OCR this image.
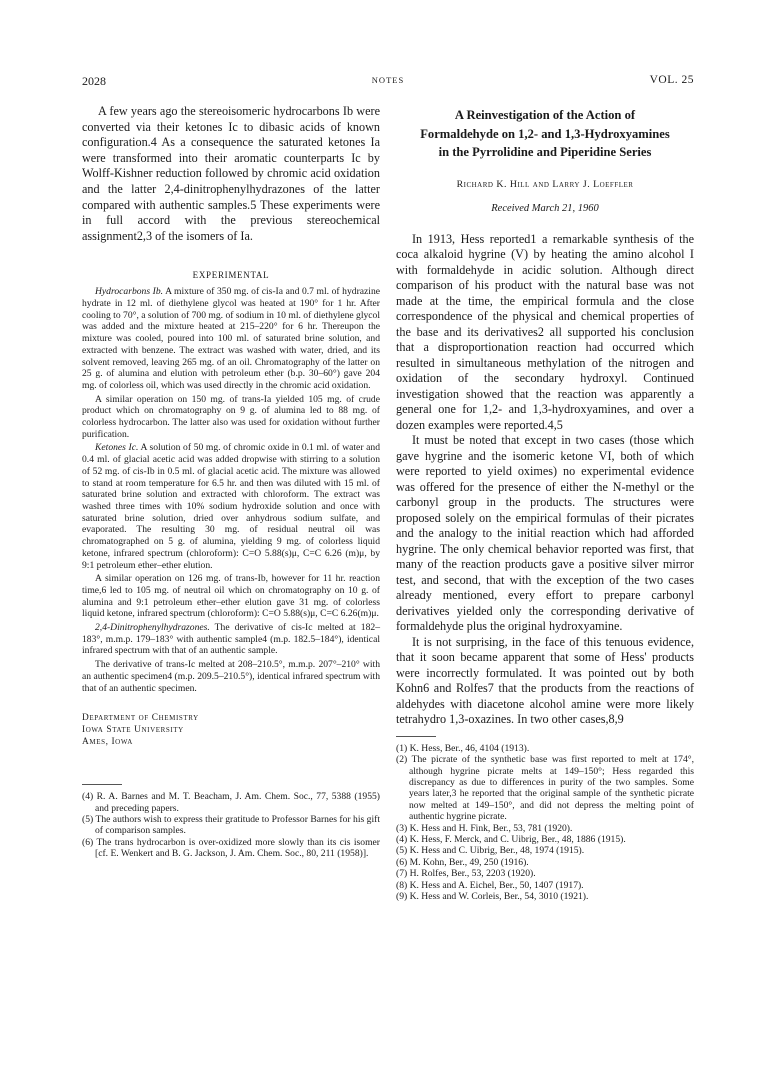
2028	NOTES	VOL. 25

A few years ago the stereoisomeric hydrocarbons Ib were converted via their ketones Ic to dibasic acids of known configuration.4 As a consequence the saturated ketones Ia were transformed into their aromatic counterparts Ic by Wolff-Kishner reduction followed by chromic acid oxidation and the latter 2,4-dinitrophenylhydrazones of the latter compared with authentic samples.5 These experiments were in full accord with the previous stereochemical assignment2,3 of the isomers of Ia.

EXPERIMENTAL

Hydrocarbons Ib. A mixture of 350 mg. of cis-Ia and 0.7 ml. of hydrazine hydrate in 12 ml. of diethylene glycol was heated at 190° for 1 hr. After cooling to 70°, a solution of 700 mg. of sodium in 10 ml. of diethylene glycol was added and the mixture heated at 215–220° for 6 hr. Thereupon the mixture was cooled, poured into 100 ml. of saturated brine solution, and extracted with benzene. The extract was washed with water, dried, and its solvent removed, leaving 265 mg. of an oil. Chromatography of the latter on 25 g. of alumina and elution with petroleum ether (b.p. 30–60°) gave 204 mg. of colorless oil, which was used directly in the chromic acid oxidation.

A similar operation on 150 mg. of trans-Ia yielded 105 mg. of crude product which on chromatography on 9 g. of alumina led to 88 mg. of colorless hydrocarbon. The latter also was used for oxidation without further purification.

Ketones Ic. A solution of 50 mg. of chromic oxide in 0.1 ml. of water and 0.4 ml. of glacial acetic acid was added dropwise with stirring to a solution of 52 mg. of cis-Ib in 0.5 ml. of glacial acetic acid. The mixture was allowed to stand at room temperature for 6.5 hr. and then was diluted with 15 ml. of saturated brine solution and extracted with chloroform. The extract was washed three times with 10% sodium hydroxide solution and once with saturated brine solution, dried over anhydrous sodium sulfate, and evaporated. The resulting 30 mg. of residual neutral oil was chromatographed on 5 g. of alumina, yielding 9 mg. of colorless liquid ketone, infrared spectrum (chloroform): C=O 5.88(s)μ, C=C 6.26 (m)μ, by 9:1 petroleum ether–ether elution.

A similar operation on 126 mg. of trans-Ib, however for 11 hr. reaction time,6 led to 105 mg. of neutral oil which on chromatography on 10 g. of alumina and 9:1 petroleum ether–ether elution gave 31 mg. of colorless liquid ketone, infrared spectrum (chloroform): C=O 5.88(s)μ, C=C 6.26(m)μ.

2,4-Dinitrophenylhydrazones. The derivative of cis-Ic melted at 182–183°, m.m.p. 179–183° with authentic sample4 (m.p. 182.5–184°), identical infrared spectrum with that of an authentic sample.

The derivative of trans-Ic melted at 208–210.5°, m.m.p. 207°–210° with an authentic specimen4 (m.p. 209.5–210.5°), identical infrared spectrum with that of an authentic specimen.

Department of Chemistry
Iowa State University
Ames, Iowa

(4) R. A. Barnes and M. T. Beacham, J. Am. Chem. Soc., 77, 5388 (1955) and preceding papers.

(5) The authors wish to express their gratitude to Professor Barnes for his gift of comparison samples.

(6) The trans hydrocarbon is over-oxidized more slowly than its cis isomer [cf. E. Wenkert and B. G. Jackson, J. Am. Chem. Soc., 80, 211 (1958)].

A Reinvestigation of the Action of
Formaldehyde on 1,2- and 1,3-Hydroxyamines
in the Pyrrolidine and Piperidine Series
Richard K. Hill and Larry J. Loeffler
Received March 21, 1960

In 1913, Hess reported1 a remarkable synthesis of the coca alkaloid hygrine (V) by heating the amino alcohol I with formaldehyde in acidic solution. Although direct comparison of his product with the natural base was not made at the time, the empirical formula and the close correspondence of the physical and chemical properties of the base and its derivatives2 all supported his conclusion that a disproportionation reaction had occurred which resulted in simultaneous methylation of the nitrogen and oxidation of the secondary hydroxyl. Continued investigation showed that the reaction was apparently a general one for 1,2- and 1,3-hydroxyamines, and over a dozen examples were reported.4,5

It must be noted that except in two cases (those which gave hygrine and the isomeric ketone VI, both of which were reported to yield oximes) no experimental evidence was offered for the presence of either the N-methyl or the carbonyl group in the products. The structures were proposed solely on the empirical formulas of their picrates and the analogy to the initial reaction which had afforded hygrine. The only chemical behavior reported was first, that many of the reaction products gave a positive silver mirror test, and second, that with the exception of the two cases already mentioned, every effort to prepare carbonyl derivatives yielded only the corresponding derivative of formaldehyde plus the original hydroxyamine.

It is not surprising, in the face of this tenuous evidence, that it soon became apparent that some of Hess' products were incorrectly formulated. It was pointed out by both Kohn6 and Rolfes7 that the products from the reactions of aldehydes with diacetone alcohol amine were more likely tetrahydro 1,3-oxazines. In two other cases,8,9

(1) K. Hess, Ber., 46, 4104 (1913).

(2) The picrate of the synthetic base was first reported to melt at 174°, although hygrine picrate melts at 149–150°; Hess regarded this discrepancy as due to differences in purity of the two samples. Some years later,3 he reported that the original sample of the synthetic picrate now melted at 149–150°, and did not depress the melting point of authentic hygrine picrate.

(3) K. Hess and H. Fink, Ber., 53, 781 (1920).

(4) K. Hess, F. Merck, and C. Uibrig, Ber., 48, 1886 (1915).

(5) K. Hess and C. Uibrig, Ber., 48, 1974 (1915).

(6) M. Kohn, Ber., 49, 250 (1916).

(7) H. Rolfes, Ber., 53, 2203 (1920).

(8) K. Hess and A. Eichel, Ber., 50, 1407 (1917).

(9) K. Hess and W. Corleis, Ber., 54, 3010 (1921).
